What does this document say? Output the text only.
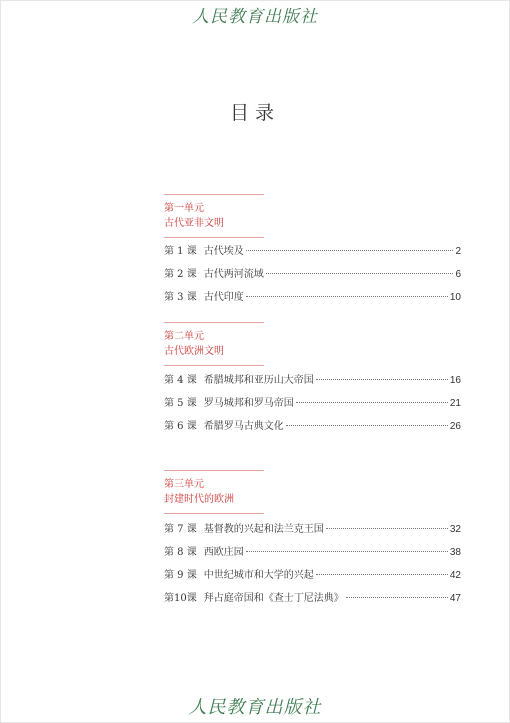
人民教育出版社
目录
第一单元
古代亚非文明
第 1 课 古代埃及	2
第 2 课 古代两河流域	6
第 3 课 古代印度	10
第二单元
古代欧洲文明
第 4 课 希腊城邦和亚历山大帝国	16
第 5 课 罗马城邦和罗马帝国	21
第 6 课 希腊罗马古典文化	26
第三单元
封建时代的欧洲
第 7 课 基督教的兴起和法兰克王国	32
第 8 课 西欧庄园	38
第 9 课 中世纪城市和大学的兴起	42
第10课 拜占庭帝国和《查士丁尼法典》	47
人民教育出版社
